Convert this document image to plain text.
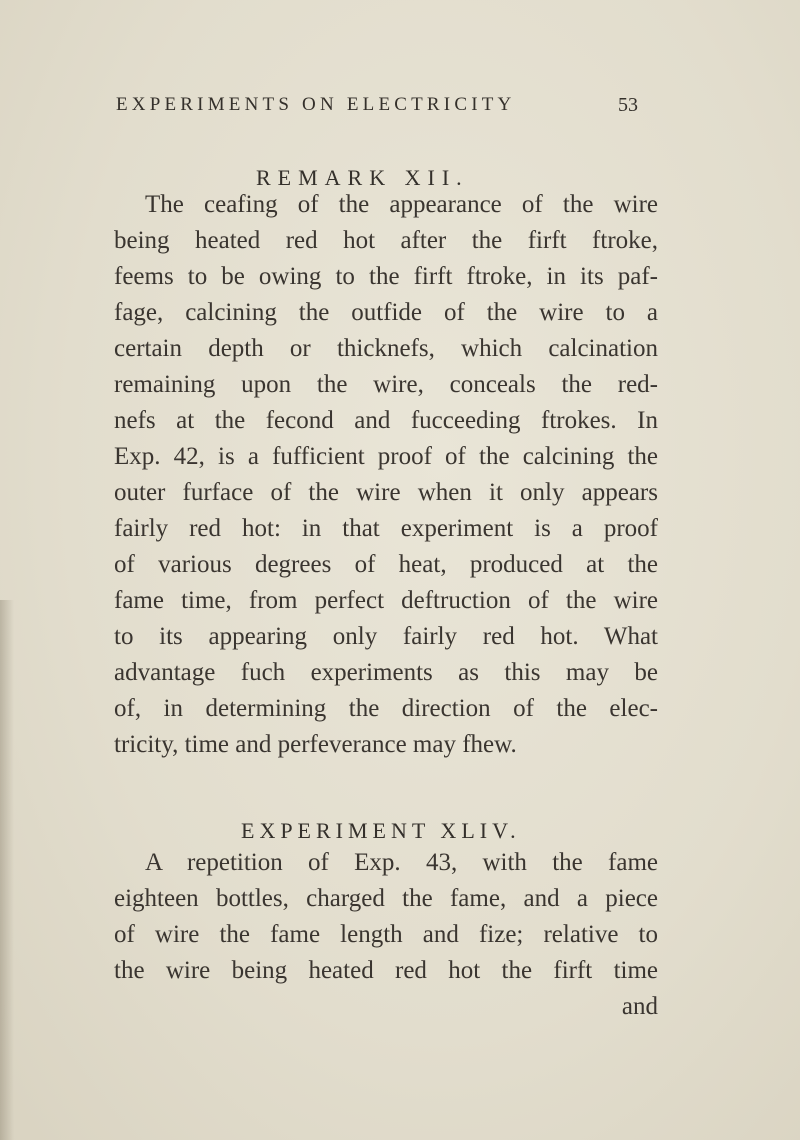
EXPERIMENTS ON ELECTRICITY	53
REMARK XII.
The ceafing of the appearance of the wire
being heated red hot after the firft ftroke,
feems to be owing to the firft ftroke, in its paf-
fage, calcining the outfide of the wire to a
certain depth or thicknefs, which calcination
remaining upon the wire, conceals the red-
nefs at the fecond and fucceeding ftrokes. In
Exp. 42, is a fufficient proof of the calcining the
outer furface of the wire when it only appears
fairly red hot: in that experiment is a proof
of various degrees of heat, produced at the
fame time, from perfect deftruction of the wire
to its appearing only fairly red hot. What
advantage fuch experiments as this may be
of, in determining the direction of the elec-
tricity, time and perfeverance may fhew.
EXPERIMENT XLIV.
A repetition of Exp. 43, with the fame
eighteen bottles, charged the fame, and a piece
of wire the fame length and fize; relative to
the wire being heated red hot the firft time
and
